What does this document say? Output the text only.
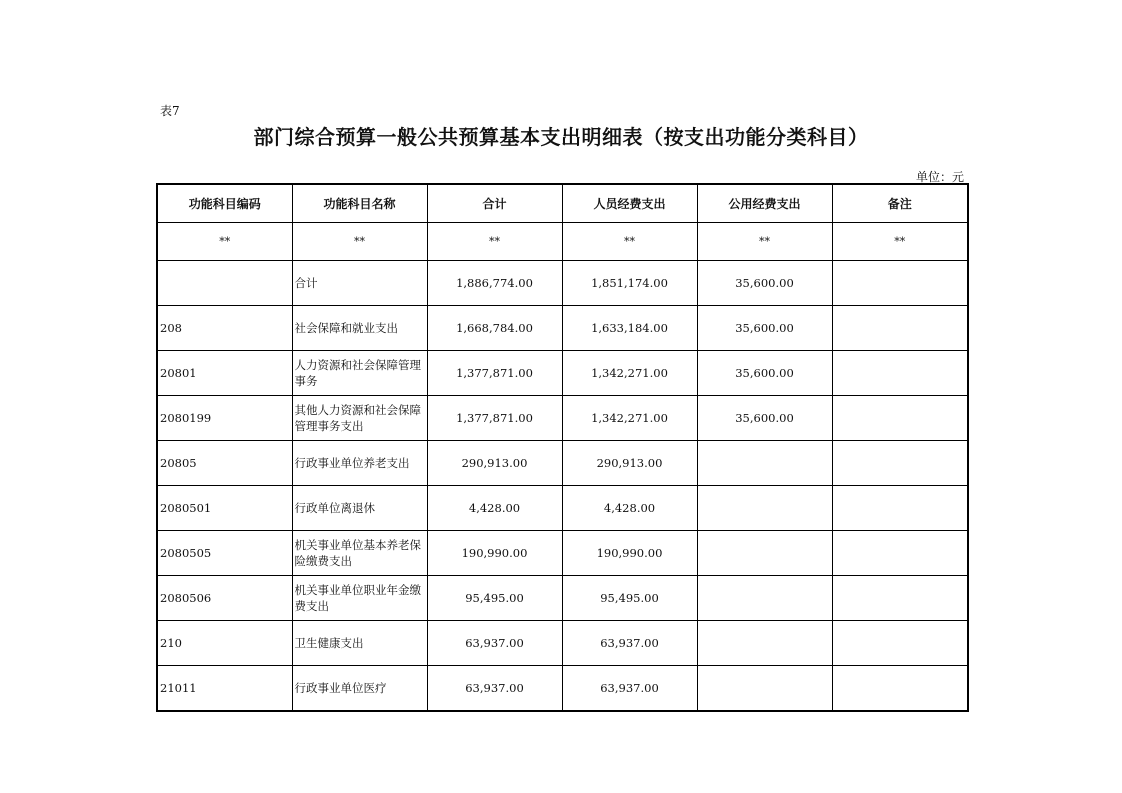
表7
部门综合预算一般公共预算基本支出明细表（按支出功能分类科目）
单位：元
功能科目编码	功能科目名称	合计	人员经费支出	公用经费支出	备注
**	**	**	**	**	**
	合计	1,886,774.00	1,851,174.00	35,600.00	
208	社会保障和就业支出	1,668,784.00	1,633,184.00	35,600.00	
20801	人力资源和社会保障管理事务	1,377,871.00	1,342,271.00	35,600.00	
2080199	其他人力资源和社会保障管理事务支出	1,377,871.00	1,342,271.00	35,600.00	
20805	行政事业单位养老支出	290,913.00	290,913.00		
2080501	行政单位离退休	4,428.00	4,428.00		
2080505	机关事业单位基本养老保险缴费支出	190,990.00	190,990.00		
2080506	机关事业单位职业年金缴费支出	95,495.00	95,495.00		
210	卫生健康支出	63,937.00	63,937.00		
21011	行政事业单位医疗	63,937.00	63,937.00		
